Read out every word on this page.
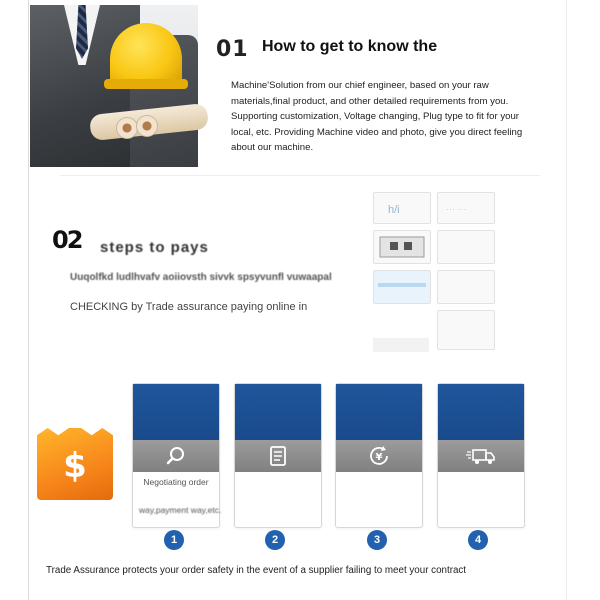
01 How to get to know the
Machine'Solution from our chief engineer, based on your raw materials,final product, and other detailed requirements from you. Supporting customization, Voltage changing, Plug type to fit for your local, etc. Providing Machine video and photo, give you direct feeling about our machine.
02 steps to pays
Uuqolfkd ludlhvafv aoiiovsth sivvk spsyvunfl vuwaapal
CHECKING by Trade assurance paying online in
h/i	··· ···
$	Negotiating order
way,payment way,etc.
¥
1	2	3	4
Trade Assurance protects your order safety in the event of a supplier failing to meet your contract
